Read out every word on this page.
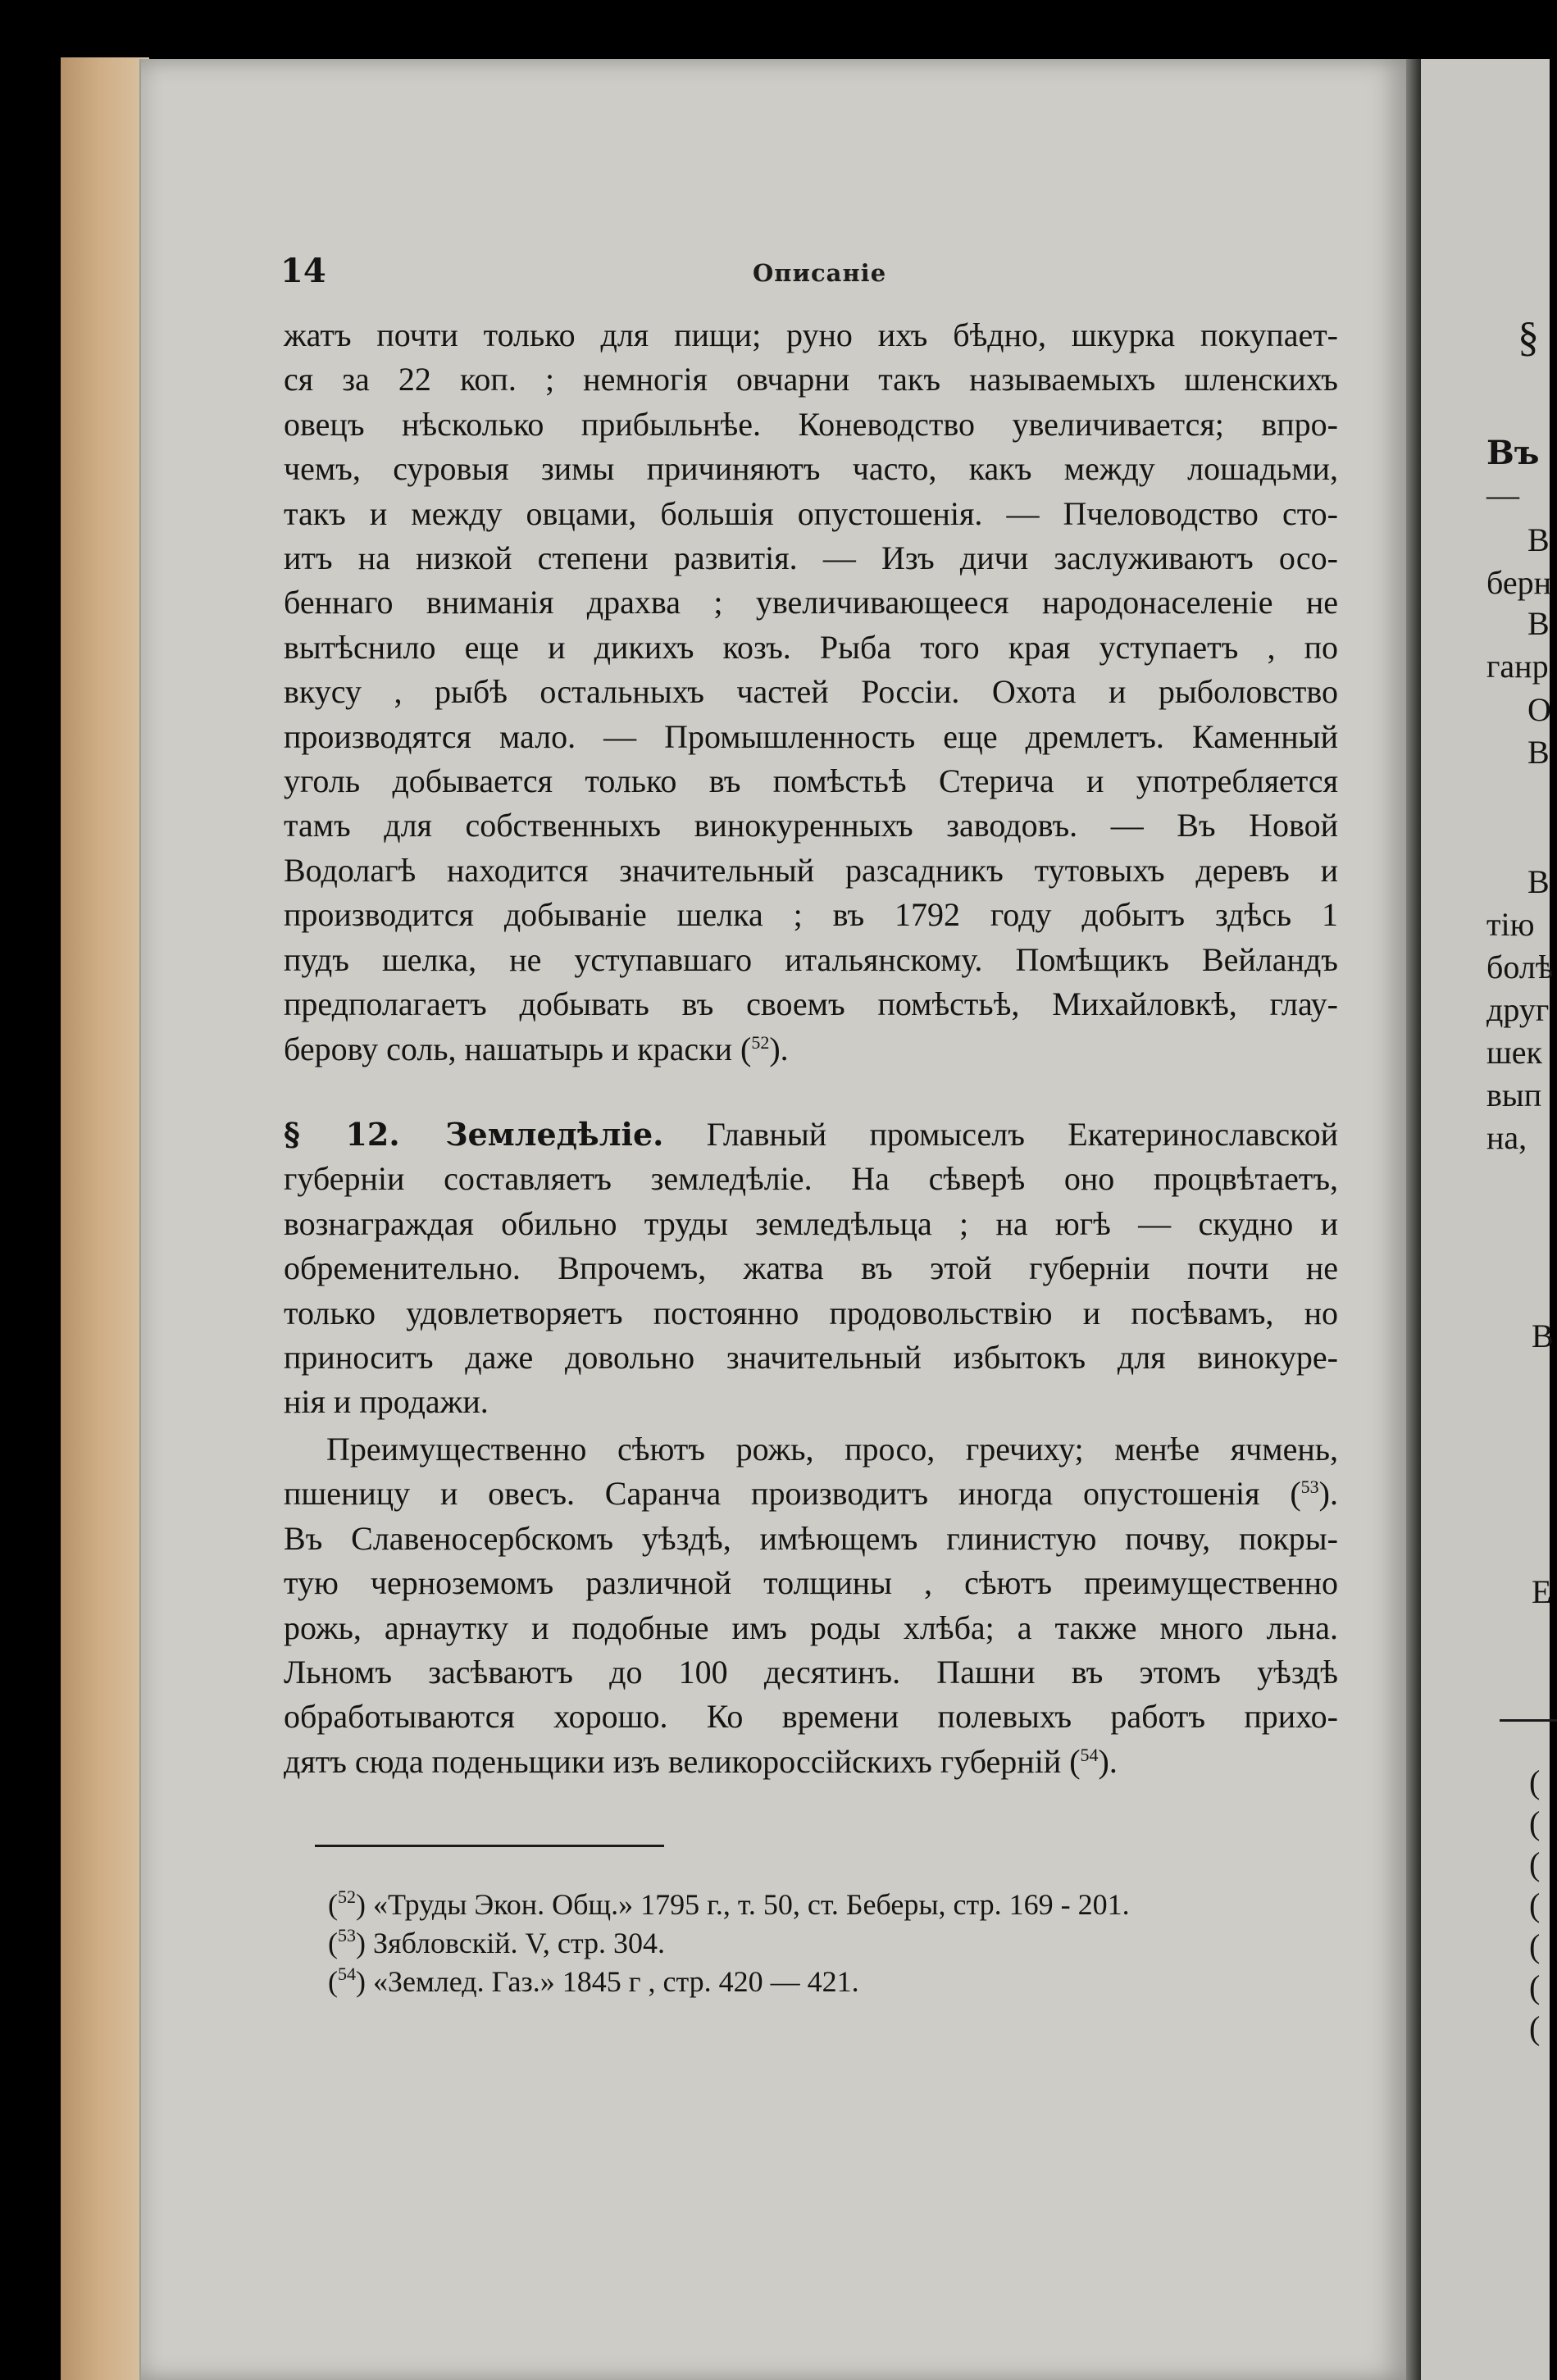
14	Описаніе
жатъ почти только для пищи; руно ихъ бѣдно, шкурка покупает-
ся за 22 коп. ; немногія овчарни такъ называемыхъ шленскихъ
овецъ нѣсколько прибыльнѣе. Коневодство увеличивается; впро-
чемъ, суровыя зимы причиняютъ часто, какъ между лошадьми,
такъ и между овцами, большія опустошенія. — Пчеловодство сто-
итъ на низкой степени развитія. — Изъ дичи заслуживаютъ осо-
беннаго вниманія драхва ; увеличивающееся народонаселеніе не
вытѣснило еще и дикихъ козъ. Рыба того края уступаетъ , по
вкусу , рыбѣ остальныхъ частей Россіи. Охота и рыболовство
производятся мало. — Промышленность еще дремлетъ. Каменный
уголь добывается только въ помѣстьѣ Стерича и употребляется
тамъ для собственныхъ винокуренныхъ заводовъ. — Въ Новой
Водолагѣ находится значительный разсадникъ тутовыхъ деревъ и
производится добываніе шелка ; въ 1792 году добытъ здѣсь 1
пудъ шелка, не уступавшаго итальянскому. Помѣщикъ Вейландъ
предполагаетъ добывать въ своемъ помѣстьѣ, Михайловкѣ, глау-
берову соль, нашатырь и краски ($^{52}$).
§ 12. Земледѣліе. Главный промыселъ Екатеринославской
губерніи составляетъ земледѣліе. На сѣверѣ оно процвѣтаетъ,
вознаграждая обильно труды земледѣльца ; на югѣ — скудно и
обременительно. Впрочемъ, жатва въ этой губерніи почти не
только удовлетворяетъ постоянно продовольствію и посѣвамъ, но
приноситъ даже довольно значительный избытокъ для винокуре-
нія и продажи.
Преимущественно сѣютъ рожь, просо, гречиху; менѣе ячмень,
пшеницу и овесъ. Саранча производитъ иногда опустошенія ($^{53}$).
Въ Славеносербскомъ уѣздѣ, имѣющемъ глинистую почву, покры-
тую черноземомъ различной толщины , сѣютъ преимущественно
рожь, арнаутку и подобные имъ роды хлѣба; а также много льна.
Льномъ засѣваютъ до 100 десятинъ. Пашни въ этомъ уѣздѣ
обработываются хорошо. Ко времени полевыхъ работъ прихо-
дятъ сюда поденьщики изъ великороссійскихъ губерній ($^{54}$).
($^{52}$) «Труды Экон. Общ.» 1795 г., т. 50, ст. Беберы, стр. 169 - 201.
($^{53}$) Зябловскій. V, стр. 304.
($^{54}$) «Землед. Газ.» 1845 г , стр. 420 — 421.
§
Въ
—
В
берн
В
ганр
О
В
В
тію
болѣ
друг
шек
вып
на,
В
Е
(
(
(
(
(
(
(
